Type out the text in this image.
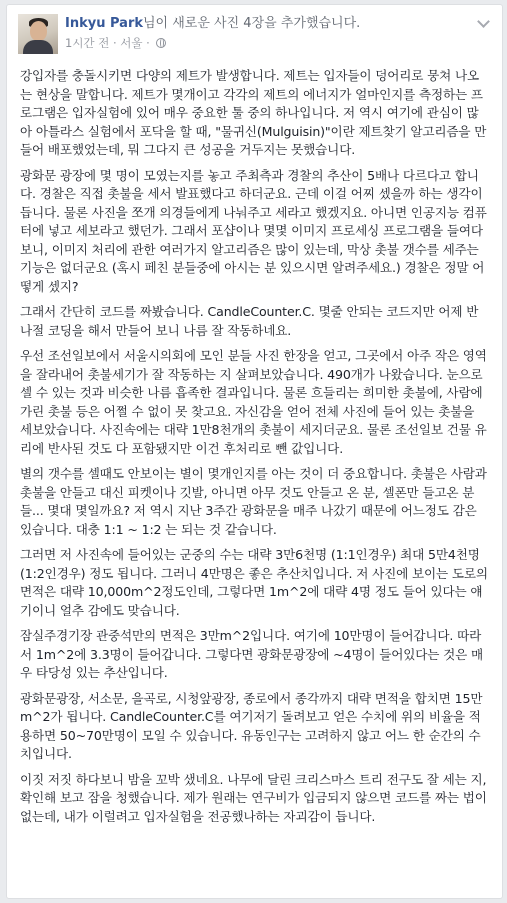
Inkyu Park님이 새로운 사진 4장을 추가했습니다.
1시간 전 · 서울 ·

강입자를 충돌시키면 다양의 제트가 발생합니다. 제트는 입자들이 덩어리로 뭉쳐 나오는 현상을 말합니다. 제트가 몇개이고 각각의 제트의 에너지가 얼마인지를 측정하는 프로그램은 입자실험에 있어 매우 중요한 툴 중의 하나입니다. 저 역시 여기에 관심이 많아 아틀라스 실험에서 포닥을 할 때, "물귀신(Mulguisin)"이란 제트찾기 알고리즘을 만들어 배포했었는데, 뭐 그다지 큰 성공을 거두지는 못했습니다.

광화문 광장에 몇 명이 모였는지를 놓고 주최측과 경찰의 추산이 5배나 다르다고 합니다. 경찰은 직접 촛불을 세서 발표했다고 하더군요. 근데 이걸 어찌 셌을까 하는 생각이 듭니다. 물론 사진을 쪼개 의경들에게 나눠주고 세라고 했겠지요. 아니면 인공지능 컴퓨터에 넣고 세보라고 했던가. 그래서 포샵이나 몇몇 이미지 프로세싱 프로그램을 들여다보니, 이미지 처리에 관한 여러가지 알고리즘은 많이 있는데, 막상 촛불 갯수를 세주는 기능은 없더군요 (혹시 페친 분들중에 아시는 분 있으시면 알려주세요.) 경찰은 정말 어떻게 셌지?

그래서 간단히 코드를 짜봤습니다. CandleCounter.C. 몇줄 안되는 코드지만 어제 반나절 코딩을 해서 만들어 보니 나름 잘 작동하네요.

우선 조선일보에서 서울시의회에 모인 분들 사진 한장을 얻고, 그곳에서 아주 작은 영역을 잘라내어 촛불세기가 잘 작동하는 지 살펴보았습니다. 490개가 나왔습니다. 눈으로 셀 수 있는 것과 비슷한 나름 흡족한 결과입니다. 물론 흐들리는 희미한 촛불에, 사람에 가린 촛불 등은 어쩔 수 없이 못 찾고요. 자신감을 얻어 전체 사진에 들어 있는 촛불을 세보았습니다. 사진속에는 대략 1만8천개의 촛불이 세지더군요. 물론 조선일보 건물 유리에 반사된 것도 다 포함됐지만 이건 후처리로 뺀 값입니다.

별의 갯수를 셀때도 안보이는 별이 몇개인지를 아는 것이 더 중요합니다. 촛불은 사람과 촛불을 안들고 대신 피켓이나 깃발, 아니면 아무 것도 안들고 온 분, 셀폰만 들고온 분들... 몇대 몇일까요? 저 역시 지난 3주간 광화문을 매주 나갔기 때문에 어느정도 감은 있습니다. 대충 1:1 ~ 1:2 는 되는 것 같습니다.

그러면 저 사진속에 들어있는 군중의 수는 대략 3만6천명 (1:1인경우) 최대 5만4천명(1:2인경우) 정도 됩니다. 그러니 4만명은 좋은 추산치입니다. 저 사진에 보이는 도로의 면적은 대략 10,000m^2정도인데, 그렇다면 1m^2에 대략 4명 정도 들어 있다는 얘기이니 얼추 감에도 맞습니다.

잠실주경기장 관중석만의 면적은 3만m^2입니다. 여기에 10만명이 들어갑니다. 따라서 1m^2에 3.3명이 들어갑니다. 그렇다면 광화문광장에 ~4명이 들어있다는 것은 매우 타당성 있는 추산입니다.

광화문광장, 서소문, 을곡로, 시청앞광장, 종로에서 종각까지 대략 면적을 합치면 15만m^2가 됩니다. CandleCounter.C를 여기저기 돌려보고 얻은 수치에 위의 비율을 적용하면 50~70만명이 모일 수 있습니다. 유동인구는 고려하지 않고 어느 한 순간의 수치입니다.

이짓 저짓 하다보니 밤을 꼬박 샜네요. 나무에 달린 크리스마스 트리 전구도 잘 세는 지, 확인해 보고 잠을 청했습니다. 제가 원래는 연구비가 입금되지 않으면 코드를 짜는 법이 없는데, 내가 이럴려고 입자실험을 전공했나하는 자괴감이 듭니다.
